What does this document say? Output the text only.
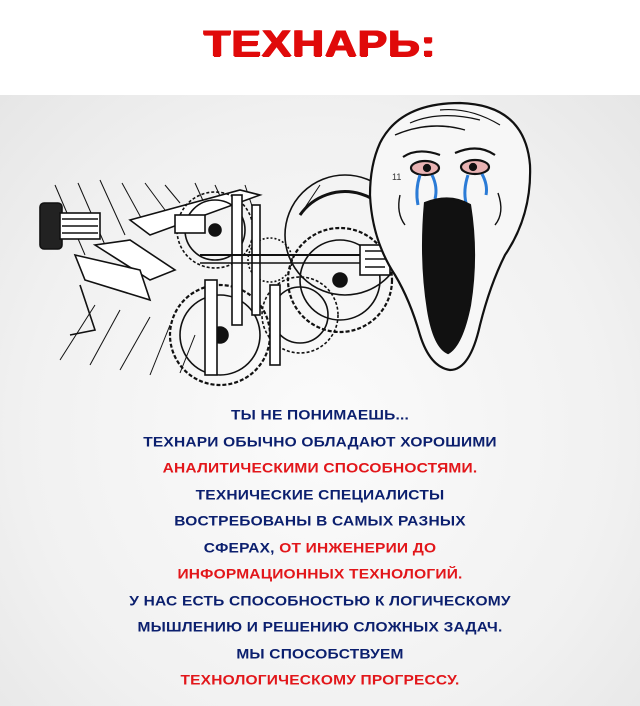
ТЕХНАРЬ:
11
ТЫ НЕ ПОНИМАЕШЬ...
ТЕХНАРИ ОБЫЧНО ОБЛАДАЮТ ХОРОШИМИ
АНАЛИТИЧЕСКИМИ СПОСОБНОСТЯМИ.
ТЕХНИЧЕСКИЕ СПЕЦИАЛИСТЫ
ВОСТРЕБОВАНЫ В САМЫХ РАЗНЫХ
СФЕРАХ, ОТ ИНЖЕНЕРИИ ДО
ИНФОРМАЦИОННЫХ ТЕХНОЛОГИЙ.
У НАС ЕСТЬ СПОСОБНОСТЬЮ К ЛОГИЧЕСКОМУ
МЫШЛЕНИЮ И РЕШЕНИЮ СЛОЖНЫХ ЗАДАЧ.
МЫ СПОСОБСТВУЕМ
ТЕХНОЛОГИЧЕСКОМУ ПРОГРЕССУ.
